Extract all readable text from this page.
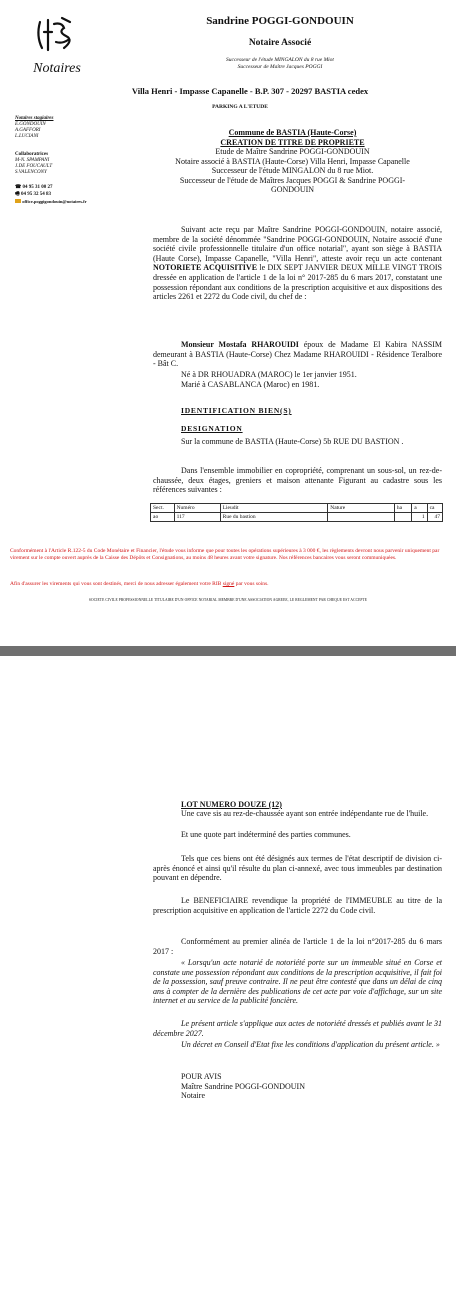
Notaires
Sandrine POGGI-GONDOUIN
Notaire Associé
Successeur de l'étude MINGALON du 8 rue Miot
Successeur de Maître Jacques POGGI
Villa Henri - Impasse Capanelle - B.P. 307 - 20297 BASTIA cedex
PARKING A L'ETUDE
Notaires stagiaires
E.GONDOUIN
A.GAFFORI
L.LUCIANI
Collaboratrices
M-N. SPAMPANI
J.DE FOUCAULT
S.VALENCONY
☎ 04 95 31 00 27
🖷 04 95 32 54 83
office.poggigondouin@notaires.fr
Commune de BASTIA (Haute-Corse)
CREATION DE TITRE DE PROPRIETE
Etude de Maître Sandrine POGGI-GONDOUIN
Notaire associé à BASTIA (Haute-Corse) Villa Henri, Impasse Capanelle
Successeur de l'étude MINGALON du 8 rue Miot.
Successeur de l'étude de Maîtres Jacques POGGI & Sandrine POGGI-
GONDOUIN
Suivant acte reçu par Maître Sandrine POGGI-GONDOUIN, notaire associé, membre de la société dénommée "Sandrine POGGI-GONDOUIN, Notaire associé d'une société civile professionnelle titulaire d'un office notarial", ayant son siège à BASTIA (Haute Corse), Impasse Capanelle, "Villa Henri", atteste avoir reçu un acte contenant NOTORIETE ACQUISITIVE le DIX SEPT JANVIER DEUX MILLE VINGT TROIS dressée en application de l'article 1 de la loi n° 2017-285 du 6 mars 2017, constatant une possession répondant aux conditions de la prescription acquisitive et aux dispositions des articles 2261 et 2272 du Code civil, du chef de :
Monsieur Mostafa RHAROUIDI époux de Madame El Kabira NASSIM demeurant à BASTIA (Haute-Corse) Chez Madame RHAROUIDI - Résidence Teralbore - Bât C.
Né à DR RHOUADRA (MAROC) le 1er janvier 1951.
Marié à CASABLANCA (Maroc) en 1981.
IDENTIFICATION BIEN(S)
DESIGNATION
Sur la commune de BASTIA (Haute-Corse) 5b RUE DU BASTION .
Dans l'ensemble immobilier en copropriété, comprenant un sous-sol, un rez-de-chaussée, deux étages, greniers et maison attenante Figurant au cadastre sous les références suivantes :
Sect.	Numéro	Lieudit	Nature	ha	a	ca
ao	117	Rue du bastion			1	47
Conformément à l'Article R.122-5 du Code Monétaire et Financier, l'étude vous informe que pour toutes les opérations supérieures à 3 000 €, les règlements devront nous parvenir uniquement par virement sur le compte ouvert auprès de la Caisse des Dépôts et Consignations, au moins 48 heures avant votre signature. Nos références bancaires vous seront communiquées.
Afin d'assurer les virements qui vous sont destinés, merci de nous adresser également votre RIB signé par vous soins.
SOCIETE CIVILE PROFESSIONNELLE TITULAIRE D'UN OFFICE NOTARIAL MEMBRE D'UNE ASSOCIATION AGREEE, LE REGLEMENT PAR CHEQUE EST ACCEPTE
LOT NUMERO DOUZE (12)
Une cave sis au rez-de-chaussée ayant son entrée indépendante rue de l'huile.
Et une quote part indéterminé des parties communes.
Tels que ces biens ont été désignés aux termes de l'état descriptif de division ci-après énoncé et ainsi qu'il résulte du plan ci-annexé, avec tous immeubles par destination pouvant en dépendre.
Le BENEFICIAIRE revendique la propriété de l'IMMEUBLE au titre de la prescription acquisitive en application de l'article 2272 du Code civil.
Conformément au premier alinéa de l'article 1 de la loi n°2017-285 du 6 mars 2017 :
« Lorsqu'un acte notarié de notoriété porte sur un immeuble situé en Corse et constate une possession répondant aux conditions de la prescription acquisitive, il fait foi de la possession, sauf preuve contraire. Il ne peut être contesté que dans un délai de cinq ans à compter de la dernière des publications de cet acte par voie d'affichage, sur un site internet et au service de la publicité foncière.
Le présent article s'applique aux actes de notoriété dressés et publiés avant le 31 décembre 2027.
Un décret en Conseil d'Etat fixe les conditions d'application du présent article. »
POUR AVIS
Maître Sandrine POGGI-GONDOUIN
Notaire
